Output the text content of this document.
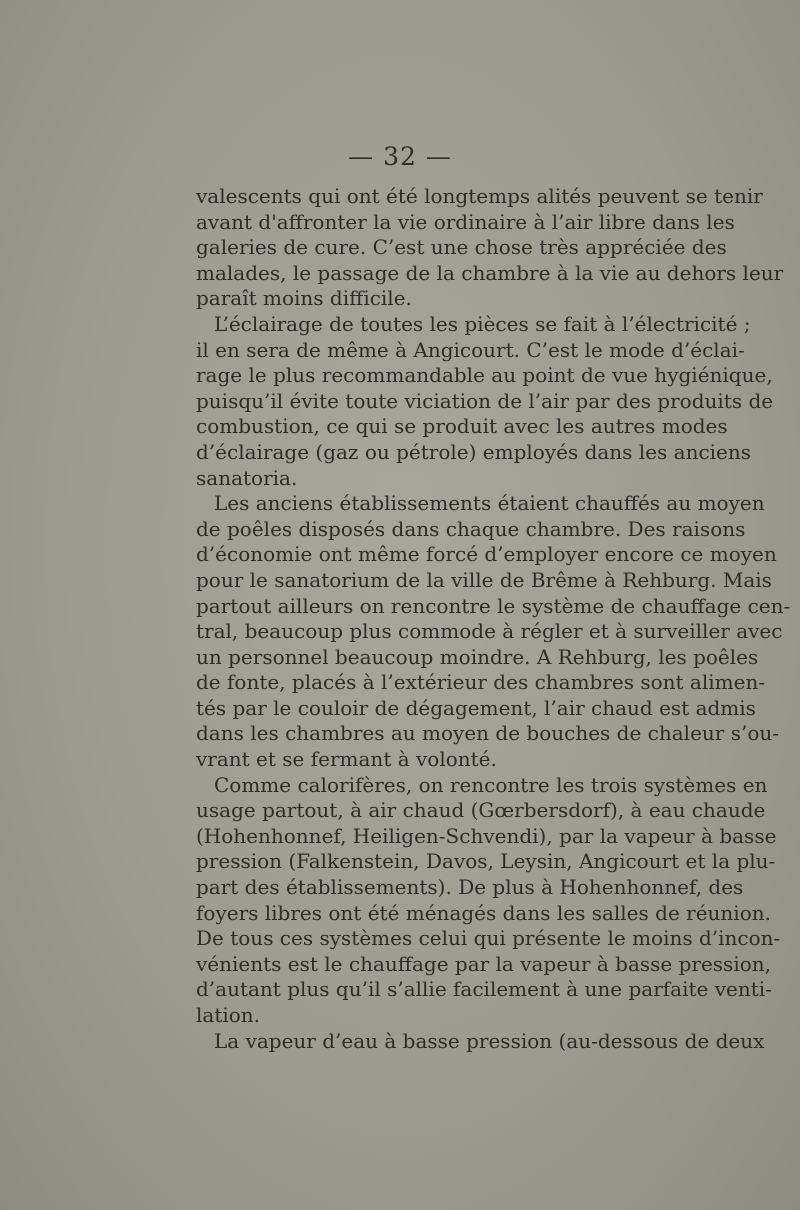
— 32 —
valescents qui ont été longtemps alités peuvent se tenir
avant d'affronter la vie ordinaire à l’air libre dans les
galeries de cure. C’est une chose très appréciée des
malades, le passage de la chambre à la vie au dehors leur
paraît moins difficile.
L’éclairage de toutes les pièces se fait à l’électricité ;
il en sera de même à Angicourt. C’est le mode d’éclai-
rage le plus recommandable au point de vue hygiénique,
puisqu’il évite toute viciation de l’air par des produits de
combustion, ce qui se produit avec les autres modes
d’éclairage (gaz ou pétrole) employés dans les anciens
sanatoria.
Les anciens établissements étaient chauffés au moyen
de poêles disposés dans chaque chambre. Des raisons
d’économie ont même forcé d’employer encore ce moyen
pour le sanatorium de la ville de Brême à Rehburg. Mais
partout ailleurs on rencontre le système de chauffage cen-
tral, beaucoup plus commode à régler et à surveiller avec
un personnel beaucoup moindre. A Rehburg, les poêles
de fonte, placés à l’extérieur des chambres sont alimen-
tés par le couloir de dégagement, l’air chaud est admis
dans les chambres au moyen de bouches de chaleur s’ou-
vrant et se fermant à volonté.
Comme calorifères, on rencontre les trois systèmes en
usage partout, à air chaud (Gœrbersdorf), à eau chaude
(Hohenhonnef, Heiligen-Schvendi), par la vapeur à basse
pression (Falkenstein, Davos, Leysin, Angicourt et la plu-
part des établissements). De plus à Hohenhonnef, des
foyers libres ont été ménagés dans les salles de réunion.
De tous ces systèmes celui qui présente le moins d’incon-
vénients est le chauffage par la vapeur à basse pression,
d’autant plus qu’il s’allie facilement à une parfaite venti-
lation.
La vapeur d’eau à basse pression (au-dessous de deux
